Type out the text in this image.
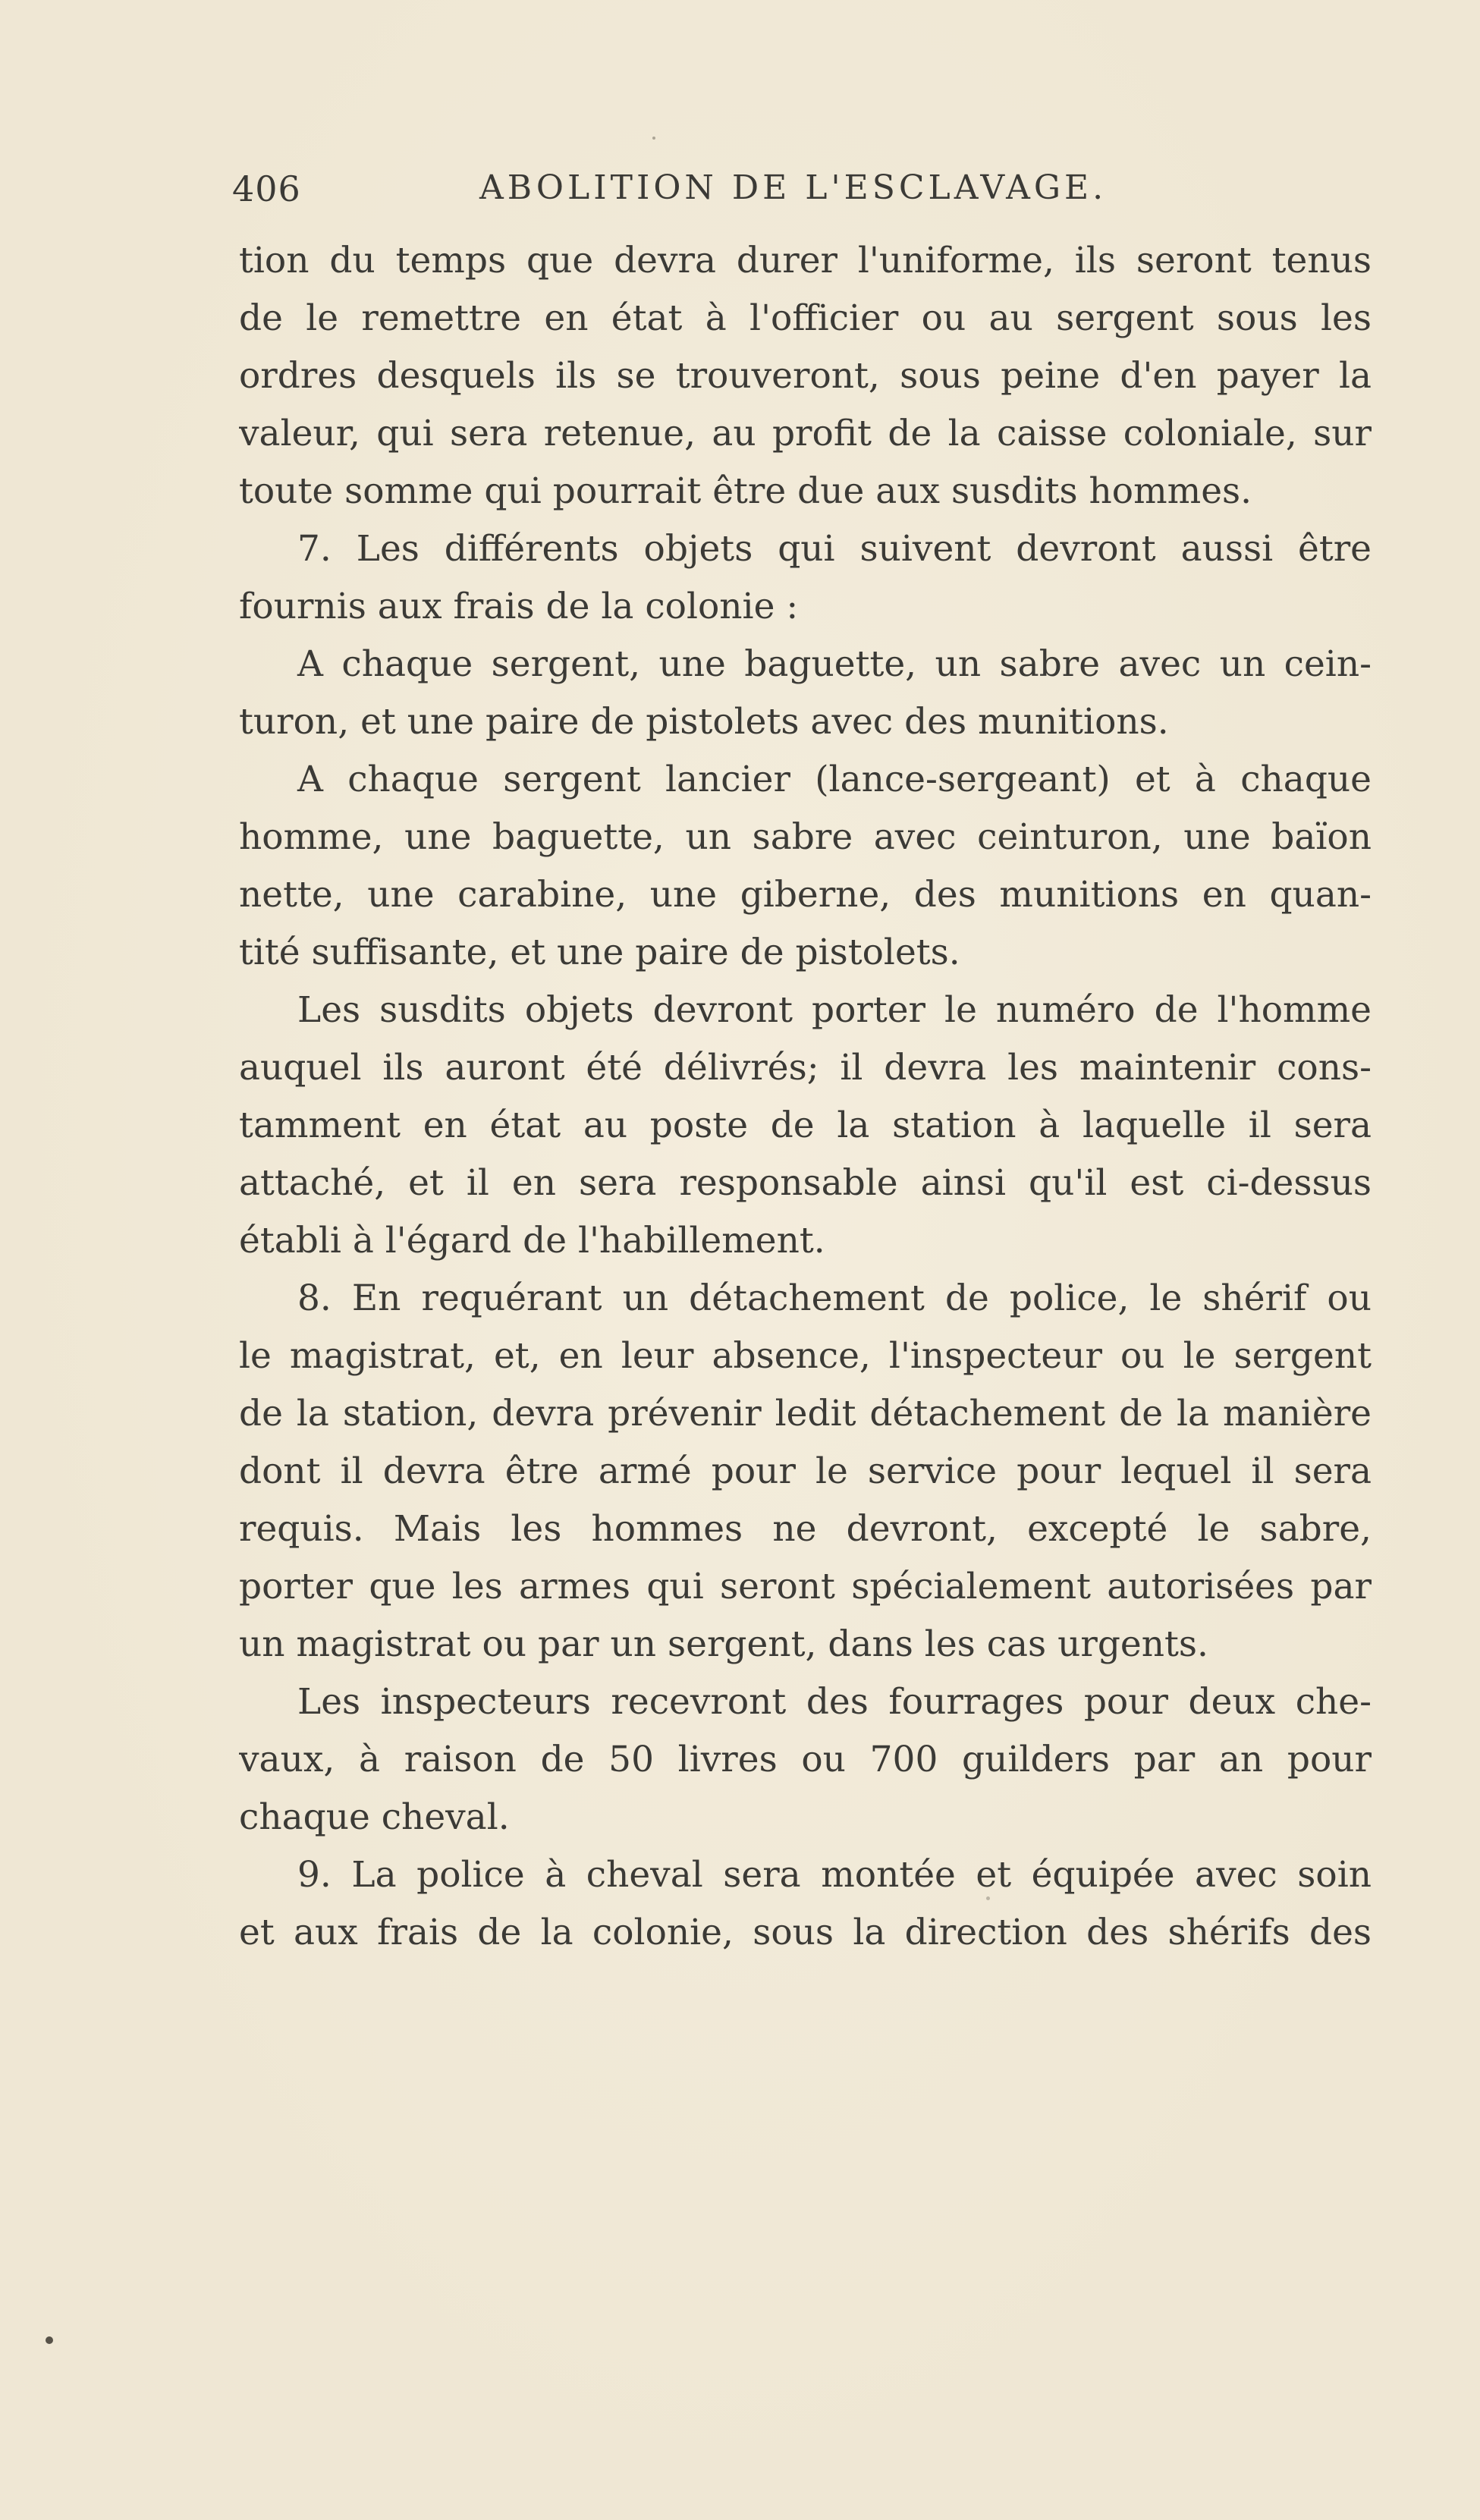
406	ABOLITION DE L'ESCLAVAGE.
tion du temps que devra durer l'uniforme, ils seront tenus
de le remettre en état à l'officier ou au sergent sous les
ordres desquels ils se trouveront, sous peine d'en payer la
valeur, qui sera retenue, au profit de la caisse coloniale, sur
toute somme qui pourrait être due aux susdits hommes.
7. Les différents objets qui suivent devront aussi être
fournis aux frais de la colonie :
A chaque sergent, une baguette, un sabre avec un cein-
turon, et une paire de pistolets avec des munitions.
A chaque sergent lancier (lance-sergeant) et à chaque
homme, une baguette, un sabre avec ceinturon, une baïon
nette, une carabine, une giberne, des munitions en quan-
tité suffisante, et une paire de pistolets.
Les susdits objets devront porter le numéro de l'homme
auquel ils auront été délivrés; il devra les maintenir cons-
tamment en état au poste de la station à laquelle il sera
attaché, et il en sera responsable ainsi qu'il est ci-dessus
établi à l'égard de l'habillement.
8. En requérant un détachement de police, le shérif ou
le magistrat, et, en leur absence, l'inspecteur ou le sergent
de la station, devra prévenir ledit détachement de la manière
dont il devra être armé pour le service pour lequel il sera
requis. Mais les hommes ne devront, excepté le sabre,
porter que les armes qui seront spécialement autorisées par
un magistrat ou par un sergent, dans les cas urgents.
Les inspecteurs recevront des fourrages pour deux che-
vaux, à raison de 50 livres ou 700 guilders par an pour
chaque cheval.
9. La police à cheval sera montée et équipée avec soin
et aux frais de la colonie, sous la direction des shérifs des
